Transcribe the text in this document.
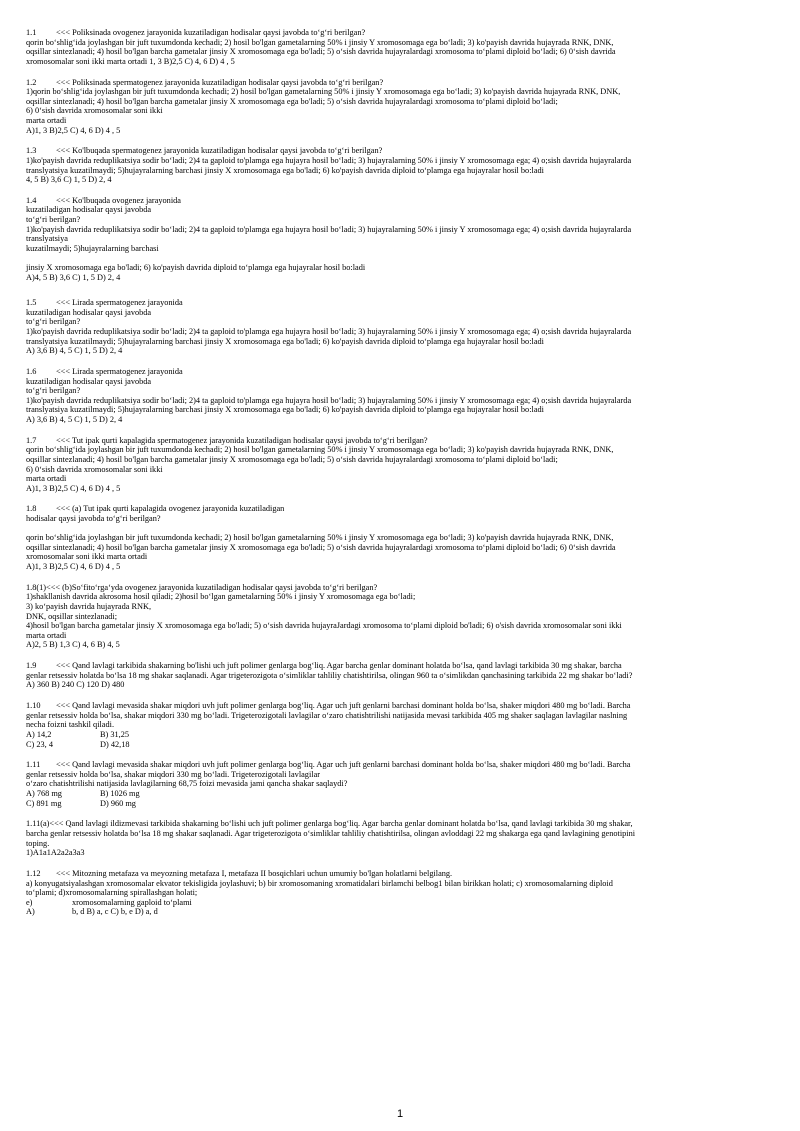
1.1 <<< Poliksinada ovogenez jarayonida kuzatiladigan hodisalar qaysi javobda to‘g‘ri berilgan?
qorin bo‘shlig‘ida joylashgan bir juft tuxumdonda kechadi; 2) hosil bo'lgan gametalarning 50% i jinsiy Y xromosomaga ega bo‘ladi; 3) ko'payish davrida hujayrada RNK, DNK,
oqsillar sintezlanadi; 4) hosil bo'lgan barcha gametalar jinsiy X xromosomaga ega bo'ladi; 5) o‘sish davrida hujayralardagi xromosoma to‘plami diploid bo‘ladi; 6) 0‘sish davrida
xromosomalar soni ikki marta ortadi 1, 3 B)2,5 C) 4, 6 D) 4 , 5
1.2 <<< Poliksinada spermatogenez jarayonida kuzatiladigan hodisalar qaysi javobda to‘g‘ri berilgan?
1)qorin bo‘shlig‘ida joylashgan bir juft tuxumdonda kechadi; 2) hosil bo'lgan gametalarning 50% i jinsiy Y xromosomaga ega bo‘ladi; 3) ko'payish davrida hujayrada RNK, DNK,
oqsillar sintezlanadi; 4) hosil bo'lgan barcha gametalar jinsiy X xromosomaga ega bo'ladi; 5) o‘sish davrida hujayralardagi xromosoma to‘plami diploid bo‘ladi;
6) 0‘sish davrida xromosomalar soni ikki
marta ortadi
A)1, 3 B)2,5 C) 4, 6 D) 4 , 5
1.3 <<< Ko'lbuqada spermatogenez jarayonida kuzatiladigan hodisalar qaysi javobda to‘g‘ri berilgan?
1)ko'payish davrida reduplikatsiya sodir bo‘ladi; 2)4 ta gaploid to'plamga ega hujayra hosil bo‘ladi; 3) hujayralarning 50% i jinsiy Y xromosomaga ega; 4) o;sish davrida hujayralarda
translyatsiya kuzatilmaydi; 5)hujayralarning barchasi jinsiy X xromosomaga ega bo'ladi; 6) ko'payish davrida diploid to‘plamga ega hujayralar hosil bo:ladi
4, 5 B) 3,6 C) 1, 5 D) 2, 4
1.4 <<< Ko'lbuqada ovogenez jarayonida
kuzatiladigan hodisalar qaysi javobda
to‘g‘ri berilgan?
1)ko'payish davrida reduplikatsiya sodir bo‘ladi; 2)4 ta gaploid to'plamga ega hujayra hosil bo‘ladi; 3) hujayralarning 50% i jinsiy Y xromosomaga ega; 4) o;sish davrida hujayralarda
translyatsiya
kuzatilmaydi; 5)hujayralarning barchasi
jinsiy X xromosomaga ega bo'ladi; 6) ko'payish davrida diploid to‘plamga ega hujayralar hosil bo:ladi
A)4, 5 B) 3,6 C) 1, 5 D) 2, 4
1.5 <<< Lirada spermatogenez jarayonida
kuzatiladigan hodisalar qaysi javobda
to‘g‘ri berilgan?
1)ko'payish davrida reduplikatsiya sodir bo‘ladi; 2)4 ta gaploid to'plamga ega hujayra hosil bo‘ladi; 3) hujayralarning 50% i jinsiy Y xromosomaga ega; 4) o;sish davrida hujayralarda
translyatsiya kuzatilmaydi; 5)hujayralarning barchasi jinsiy X xromosomaga ega bo'ladi; 6) ko'payish davrida diploid to‘plamga ega hujayralar hosil bo:ladi
A) 3,6 B) 4, 5 C) 1, 5 D) 2, 4
1.6 <<< Lirada spermatogenez jarayonida
kuzatiladigan hodisalar qaysi javobda
to‘g‘ri berilgan?
1)ko'payish davrida reduplikatsiya sodir bo‘ladi; 2)4 ta gaploid to'plamga ega hujayra hosil bo‘ladi; 3) hujayralarning 50% i jinsiy Y xromosomaga ega; 4) o;sish davrida hujayralarda
translyatsiya kuzatilmaydi; 5)hujayralarning barchasi jinsiy X xromosomaga ega bo'ladi; 6) ko'payish davrida diploid to‘plamga ega hujayralar hosil bo:ladi
A) 3,6 B) 4, 5 C) 1, 5 D) 2, 4
1.7 <<< Tut ipak qurti kapalagida spermatogenez jarayonida kuzatiladigan hodisalar qaysi javobda to‘g‘ri berilgan?
qorin bo‘shlig‘ida joylashgan bir juft tuxumdonda kechadi; 2) hosil bo'lgan gametalarning 50% i jinsiy Y xromosomaga ega bo‘ladi; 3) ko'payish davrida hujayrada RNK, DNK,
oqsillar sintezlanadi; 4) hosil bo'lgan barcha gametalar jinsiy X xromosomaga ega bo'ladi; 5) o‘sish davrida hujayralardagi xromosoma to‘plami diploid bo‘ladi;
6) 0‘sish davrida xromosomalar soni ikki
marta ortadi
A)1, 3 B)2,5 C) 4, 6 D) 4 , 5
1.8 <<< (a) Tut ipak qurti kapalagida ovogenez jarayonida kuzatiladigan
hodisalar qaysi javobda to‘g‘ri berilgan?
qorin bo‘shlig‘ida joylashgan bir juft tuxumdonda kechadi; 2) hosil bo'lgan gametalarning 50% i jinsiy Y xromosomaga ega bo‘ladi; 3) ko'payish davrida hujayrada RNK, DNK,
oqsillar sintezlanadi; 4) hosil bo'lgan barcha gametalar jinsiy X xromosomaga ega bo'ladi; 5) o‘sish davrida hujayralardagi xromosoma to‘plami diploid bo‘ladi; 6) 0‘sish davrida
xromosomalar soni ikki marta ortadi
A)1, 3 B)2,5 C) 4, 6 D) 4 , 5
1.8(1)<<< (b)So‘fito‘rga‘yda ovogenez jarayonida kuzatiladigan hodisalar qaysi javobda to‘g‘ri berilgan?
1)shakllanish davrida akrosoma hosil qiladi; 2)hosil bo‘lgan gametalarning 50% i jinsiy Y xromosomaga ega bo‘ladi;
3) ko‘payish davrida hujayrada RNK,
DNK, oqsillar sintezlanadi;
4)hosil bo'lgan barcha gametalar jinsiy X xromosomaga ega bo'ladi; 5) o‘sish davrida hujayraJardagi xromosoma to‘plami diploid bo'ladi; 6) o'sish davrida xromosomalar soni ikki
marta ortadi
A)2, 5 B) 1,3 C) 4, 6 B) 4, 5
1.9 <<< Qand lavlagi tarkibida shakarning bo'lishi uch juft polimer genlarga bog‘liq. Agar barcha genlar dominant holatda bo‘lsa, qand lavlagi tarkibida 30 mg shakar, barcha
genlar retsessiv holatda bo‘lsa 18 mg shakar saqlanadi. Agar trigeterozigota o‘simliklar tahliliy chatishtirilsa, olingan 960 ta o‘simlikdan qanchasining tarkibida 22 mg shakar bo‘ladi?
A) 360 B) 240 C) 120 D) 480
1.10 <<< Qand lavlagi mevasida shakar miqdori uvh juft polimer genlarga bog‘liq. Agar uch juft genlarni barchasi dominant holda bo‘lsa, shaker miqdori 480 mg bo‘ladi. Barcha
genlar retsessiv holda bo‘lsa, shakar miqdori 330 mg bo‘ladi. Trigeterozigotali lavlagilar o‘zaro chatishtrilishi natijasida mevasi tarkibida 405 mg shaker saqlagan lavlagilar naslning
necha foizni tashkil qiladi.
A) 14,2	B) 31,25
C) 23, 4	D) 42,18
1.11 <<< Qand lavlagi mevasida shakar miqdori uvh juft polimer genlarga bog‘liq. Agar uch juft genlarni barchasi dominant holda bo‘lsa, shaker miqdori 480 mg bo‘ladi. Barcha
genlar retsessiv holda bo‘lsa, shakar miqdori 330 mg bo‘ladi. Trigeterozigotali lavlagilar
o‘zaro chatishtrilishi natijasida lavlagilarning 68,75 foizi mevasida jami qancha shakar saqlaydi?
A) 768 mg	B) 1026 mg
C) 891 mg	D) 960 mg
1.11(a)<<< Qand lavlagi ildizmevasi tarkibida shakarning bo‘lishi uch juft polimer genlarga bog‘liq. Agar barcha genlar dominant holatda bo‘lsa, qand lavlagi tarkibida 30 mg shakar,
barcha genlar retsessiv holatda bo‘lsa 18 mg shakar saqlanadi. Agar trigeterozigota o‘simliklar tahliliy chatishtirilsa, olingan avloddagi 22 mg shakarga ega qand lavlagining genotipini
toping.
1)A1a1A2a2a3a3
1.12 <<< Mitozning metafaza va meyozning metafaza I, metafaza II bosqichlari uchun umumiy bo'lgan holatlarni belgilang.
a) konyugatsiyalashgan xromosomalar ekvator tekisligida joylashuvi; b) bir xromosomaning xromatidalari birlamchi belbog1 bilan birikkan holati; c) xromosomalarning diploid
to‘plami; d)xromosomalarning spirallashgan holati;
e)	xromosomalarning gaploid to‘plami
A)	b, d B) a, c C) b, e D) a, d
1
